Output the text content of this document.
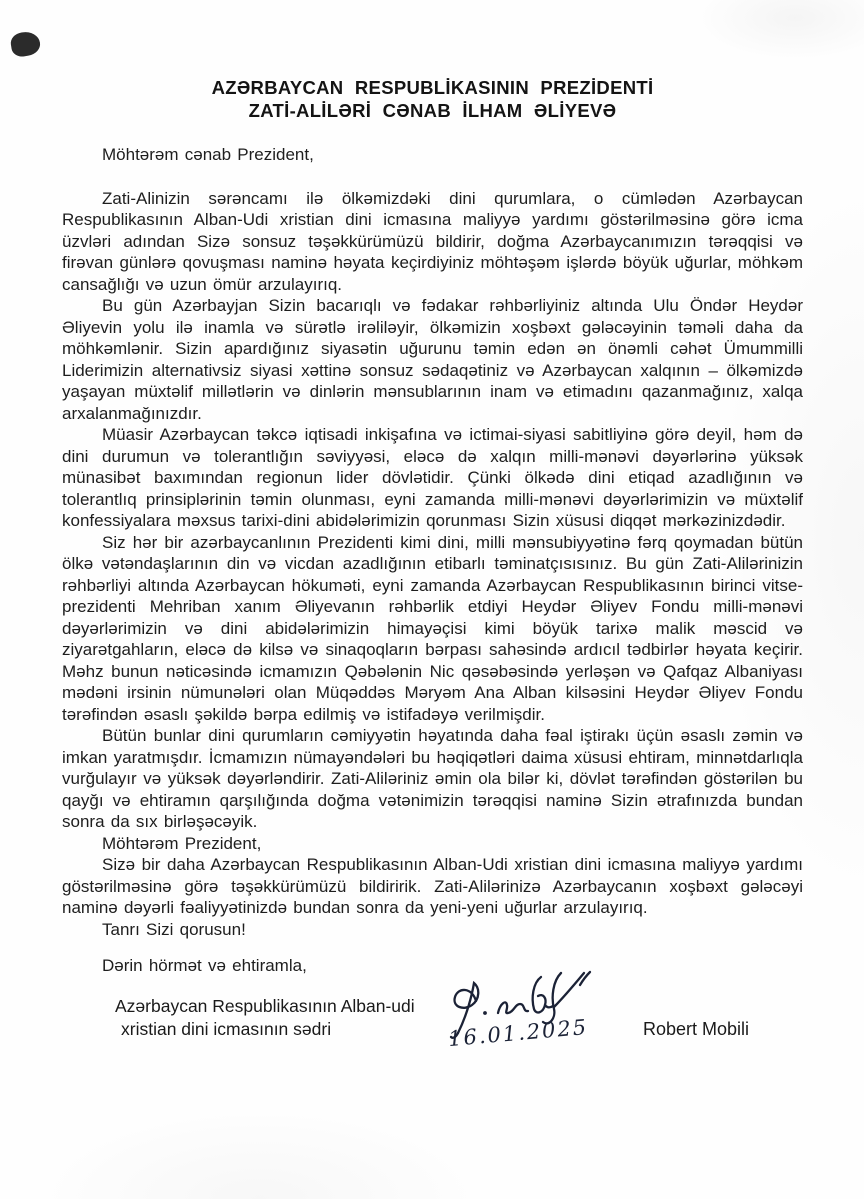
AZƏRBAYCAN RESPUBLİKASININ PREZİDENTİ
ZATİ-ALİLƏRİ CƏNAB İLHAM ƏLİYEVƏ

Möhtərəm cənab Prezident,

Zati-Alinizin sərəncamı ilə ölkəmizdəki dini qurumlara, o cümlədən Azərbaycan Respublikasının Alban-Udi xristian dini icmasına maliyyə yardımı göstərilməsinə görə icma üzvləri adından Sizə sonsuz təşəkkürümüzü bildirir, doğma Azərbaycanımızın tərəqqisi və firəvan günlərə qovuşması naminə həyata keçirdiyiniz möhtəşəm işlərdə böyük uğurlar, möhkəm cansağlığı və uzun ömür arzulayırıq.

Bu gün Azərbayjan Sizin bacarıqlı və fədakar rəhbərliyiniz altında Ulu Öndər Heydər Əliyevin yolu ilə inamla və sürətlə irəliləyir, ölkəmizin xoşbəxt gələcəyinin təməli daha da möhkəmlənir. Sizin apardığınız siyasətin uğurunu təmin edən ən önəmli cəhət Ümummilli Liderimizin alternativsiz siyasi xəttinə sonsuz sədaqətiniz və Azərbaycan xalqının – ölkəmizdə yaşayan müxtəlif millətlərin və dinlərin mənsublarının inam və etimadını qazanmağınız, xalqa arxalanmağınızdır.

Müasir Azərbaycan təkcə iqtisadi inkişafına və ictimai-siyasi sabitliyinə görə deyil, həm də dini durumun və tolerantlığın səviyyəsi, eləcə də xalqın milli-mənəvi dəyərlərinə yüksək münasibət baxımından regionun lider dövlətidir. Çünki ölkədə dini etiqad azadlığının və tolerantlıq prinsiplərinin təmin olunması, eyni zamanda milli-mənəvi dəyərlərimizin və müxtəlif konfessiyalara məxsus tarixi-dini abidələrimizin qorunması Sizin xüsusi diqqət mərkəzinizdədir.

Siz hər bir azərbaycanlının Prezidenti kimi dini, milli mənsubiyyətinə fərq qoymadan bütün ölkə vətəndaşlarının din və vicdan azadlığının etibarlı təminatçısısınız. Bu gün Zati-Alilərinizin rəhbərliyi altında Azərbaycan hökuməti, eyni zamanda Azərbaycan Respublikasının birinci vitse-prezidenti Mehriban xanım Əliyevanın rəhbərlik etdiyi Heydər Əliyev Fondu milli-mənəvi dəyərlərimizin və dini abidələrimizin himayəçisi kimi böyük tarixə malik məscid və ziyarətgahların, eləcə də kilsə və sinaqoqların bərpası sahəsində ardıcıl tədbirlər həyata keçirir. Məhz bunun nəticəsində icmamızın Qəbələnin Nic qəsəbəsində yerləşən və Qafqaz Albaniyası mədəni irsinin nümunələri olan Müqəddəs Məryəm Ana Alban kilsəsini Heydər Əliyev Fondu tərəfindən əsaslı şəkildə bərpa edilmiş və istifadəyə verilmişdir.

Bütün bunlar dini qurumların cəmiyyətin həyatında daha fəal iştirakı üçün əsaslı zəmin və imkan yaratmışdır. İcmamızın nümayəndələri bu həqiqətləri daima xüsusi ehtiram, minnətdarlıqla vurğulayır və yüksək dəyərləndirir. Zati-Aliləriniz əmin ola bilər ki, dövlət tərəfindən göstərilən bu qayğı və ehtiramın qarşılığında doğma vətənimizin tərəqqisi naminə Sizin ətrafınızda bundan sonra da sıx birləşəcəyik.

Möhtərəm Prezident,

Sizə bir daha Azərbaycan Respublikasının Alban-Udi xristian dini icmasına maliyyə yardımı göstərilməsinə görə təşəkkürümüzü bildiririk. Zati-Alilərinizə Azərbaycanın xoşbəxt gələcəyi naminə dəyərli fəaliyyətinizdə bundan sonra da yeni-yeni uğurlar arzulayırıq.

Tanrı Sizi qorusun!

Dərin hörmət və ehtiramla,

Azərbaycan Respublikasının Alban-udi
xristian dini icmasının sədri	16.01.2025	Robert Mobili
